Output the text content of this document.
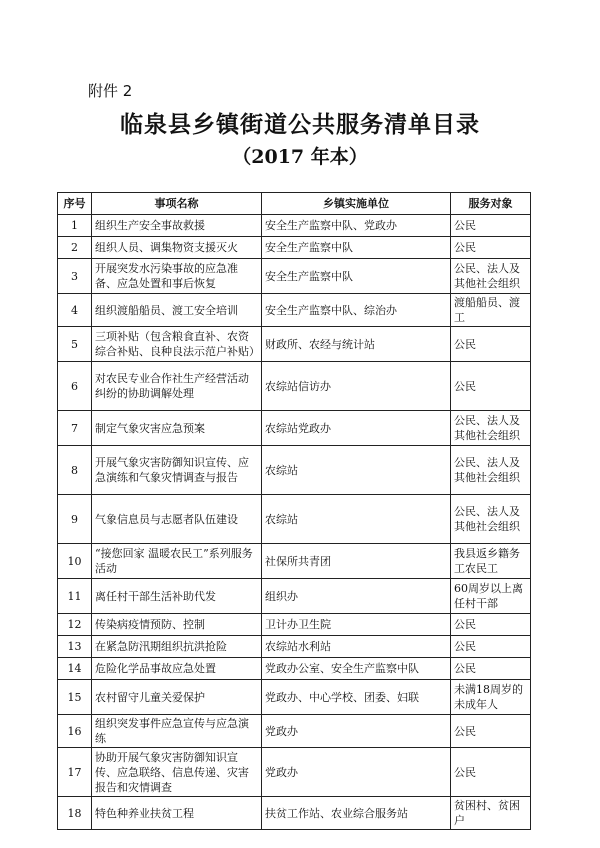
附件 2
临泉县乡镇街道公共服务清单目录
（2017 年本）
序号	事项名称	乡镇实施单位	服务对象
1	组织生产安全事故救援	安全生产监察中队、党政办	公民
2	组织人员、调集物资支援灭火	安全生产监察中队	公民
3	开展突发水污染事故的应急准备、应急处置和事后恢复	安全生产监察中队	公民、法人及其他社会组织
4	组织渡船船员、渡工安全培训	安全生产监察中队、综治办	渡船船员、渡工
5	三项补贴（包含粮食直补、农资综合补贴、良种良法示范户补贴）	财政所、农经与统计站	公民
6	对农民专业合作社生产经营活动纠纷的协助调解处理	农综站信访办	公民
7	制定气象灾害应急预案	农综站党政办	公民、法人及其他社会组织
8	开展气象灾害防御知识宣传、应急演练和气象灾情调查与报告	农综站	公民、法人及其他社会组织
9	气象信息员与志愿者队伍建设	农综站	公民、法人及其他社会组织
10	“接您回家 温暖农民工”系列服务活动	社保所共青团	我县返乡籍务工农民工
11	离任村干部生活补助代发	组织办	60周岁以上离任村干部
12	传染病疫情预防、控制	卫计办卫生院	公民
13	在紧急防汛期组织抗洪抢险	农综站水利站	公民
14	危险化学品事故应急处置	党政办公室、安全生产监察中队	公民
15	农村留守儿童关爱保护	党政办、中心学校、团委、妇联	未满18周岁的未成年人
16	组织突发事件应急宣传与应急演练	党政办	公民
17	协助开展气象灾害防御知识宣传、应急联络、信息传递、灾害报告和灾情调查	党政办	公民
18	特色种养业扶贫工程	扶贫工作站、农业综合服务站	贫困村、贫困户
